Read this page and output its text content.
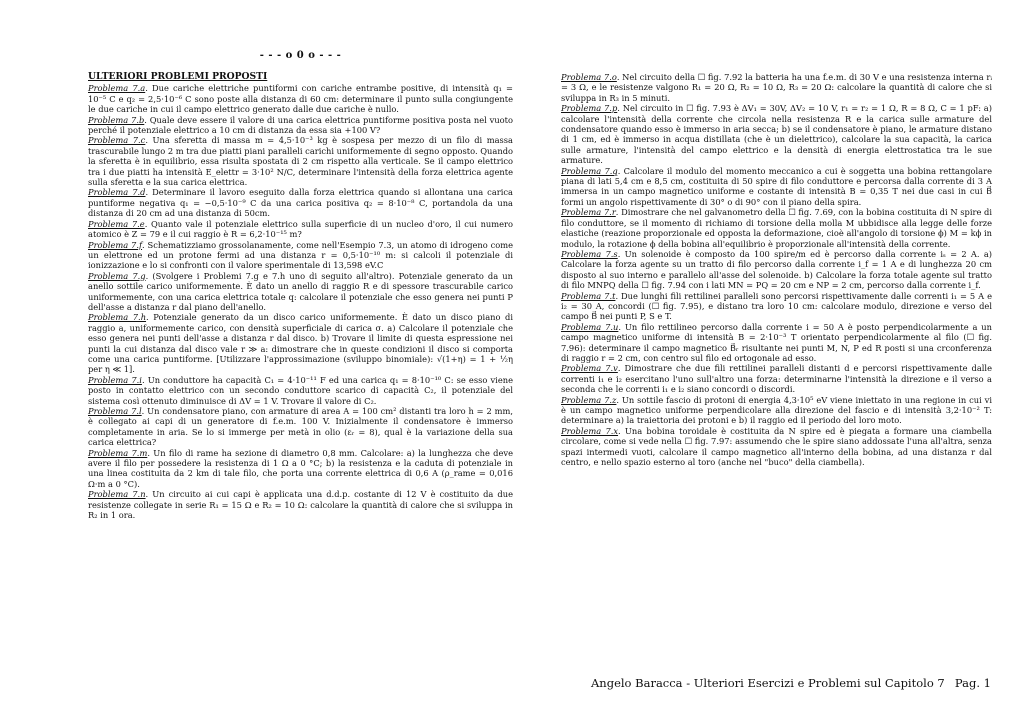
- - - o 0 o - - -
ULTERIORI PROBLEMI PROPOSTI

Problema 7.a. Due cariche elettriche puntiformi con cariche entrambe positive, di intensità q₁ = 10⁻⁵ C e q₂ = 2,5·10⁻⁶ C sono poste alla distanza di 60 cm: determinare il punto sulla congiungente le due cariche in cui il campo elettrico generato dalle due cariche è nullo.

Problema 7.b. Quale deve essere il valore di una carica elettrica puntiforme positiva posta nel vuoto perché il potenziale elettrico a 10 cm di distanza da essa sia +100 V?

Problema 7.c. Una sferetta di massa m = 4,5·10⁻³ kg è sospesa per mezzo di un filo di massa trascurabile lungo 2 m tra due piatti piani paralleli carichi uniformemente di segno opposto. Quando la sferetta è in equilibrio, essa risulta spostata di 2 cm rispetto alla verticale. Se il campo elettrico tra i due piatti ha intensità E_elettr = 3·10² N/C, determinare l'intensità della forza elettrica agente sulla sferetta e la sua carica elettrica.

Problema 7.d. Determinare il lavoro eseguito dalla forza elettrica quando si allontana una carica puntiforme negativa q₁ = −0,5·10⁻⁹ C da una carica positiva q₂ = 8·10⁻⁸ C, portandola da una distanza di 20 cm ad una distanza di 50cm.

Problema 7.e. Quanto vale il potenziale elettrico sulla superficie di un nucleo d'oro, il cui numero atomico è Z = 79 e il cui raggio è R = 6,2·10⁻¹⁵ m?

Problema 7.f. Schematizziamo grossolanamente, come nell'Esempio 7.3, un atomo di idrogeno come un elettrone ed un protone fermi ad una distanza r = 0,5·10⁻¹⁰ m: si calcoli il potenziale di ionizzazione e lo si confronti con il valore sperimentale di 13,598 eV.C

Problema 7.g. (Svolgere i Problemi 7.g e 7.h uno di seguito all'altro). Potenziale generato da un anello sottile carico uniformemente. È dato un anello di raggio R e di spessore trascurabile carico uniformemente, con una carica elettrica totale q: calcolare il potenziale che esso genera nei punti P dell'asse a distanza r dal piano dell'anello.

Problema 7.h. Potenziale generato da un disco carico uniformemente. È dato un disco piano di raggio a, uniformemente carico, con densità superficiale di carica σ. a) Calcolare il potenziale che esso genera nei punti dell'asse a distanza r dal disco. b) Trovare il limite di questa espressione nei punti la cui distanza dal disco vale r ≫ a: dimostrare che in queste condizioni il disco si comporta come una carica puntiforme. [Utilizzare l'approssimazione (sviluppo binomiale): √(1+η) = 1 + ½η per η ≪ 1].

Problema 7.i. Un conduttore ha capacità C₁ = 4·10⁻¹¹ F ed una carica q₁ = 8·10⁻¹⁰ C: se esso viene posto in contatto elettrico con un secondo conduttore scarico di capacità C₂, il potenziale del sistema così ottenuto diminuisce di ΔV = 1 V. Trovare il valore di C₂.

Problema 7.l. Un condensatore piano, con armature di area A = 100 cm² distanti tra loro h = 2 mm, è collegato ai capi di un generatore di f.e.m. 100 V. Inizialmente il condensatore è immerso completamente in aria. Se lo si immerge per metà in olio (εᵣ = 8), qual è la variazione della sua carica elettrica?

Problema 7.m. Un filo di rame ha sezione di diametro 0,8 mm. Calcolare: a) la lunghezza che deve avere il filo per possedere la resistenza di 1 Ω a 0 °C; b) la resistenza e la caduta di potenziale in una linea costituita da 2 km di tale filo, che porta una corrente elettrica di 0,6 A (ρ_rame = 0,016 Ω·m a 0 °C).

Problema 7.n. Un circuito ai cui capi è applicata una d.d.p. costante di 12 V è costituito da due resistenze collegate in serie R₁ = 15 Ω e R₂ = 10 Ω: calcolare la quantità di calore che si sviluppa in R₂ in 1 ora.

Problema 7.o. Nel circuito della ☐ fig. 7.92 la batteria ha una f.e.m. di 30 V e una resistenza interna rᵢ = 3 Ω, e le resistenze valgono R₁ = 20 Ω, R₂ = 10 Ω, R₃ = 20 Ω: calcolare la quantità di calore che si sviluppa in R₃ in 5 minuti.

Problema 7.p. Nel circuito in ☐ fig. 7.93 è ΔV₁ = 30V, ΔV₂ = 10 V, r₁ = r₂ = 1 Ω, R = 8 Ω, C = 1 pF: a) calcolare l'intensità della corrente che circola nella resistenza R e la carica sulle armature del condensatore quando esso è immerso in aria secca; b) se il condensatore è piano, le armature distano di 1 cm, ed è immerso in acqua distillata (che è un dielettrico), calcolare la sua capacità, la carica sulle armature, l'intensità del campo elettrico e la densità di energia elettrostatica tra le sue armature.

Problema 7.q. Calcolare il modulo del momento meccanico a cui è soggetta una bobina rettangolare piana di lati 5,4 cm e 8,5 cm, costituita di 50 spire di filo conduttore e percorsa dalla corrente di 3 A immersa in un campo magnetico uniforme e costante di intensità B = 0,35 T nei due casi in cui B⃗ formi un angolo rispettivamente di 30° o di 90° con il piano della spira.

Problema 7.r. Dimostrare che nel galvanometro della ☐ fig. 7.69, con la bobina costituita di N spire di filo conduttore, se il momento di richiamo di torsione della molla M ubbidisce alla legge delle forze elastiche (reazione proporzionale ed opposta la deformazione, cioè all'angolo di torsione ϕ) M = kϕ in modulo, la rotazione ϕ della bobina all'equilibrio è proporzionale all'intensità della corrente.

Problema 7.s. Un solenoide è composto da 100 spire/m ed è percorso dalla corrente iₛ = 2 A. a) Calcolare la forza agente su un tratto di filo percorso dalla corrente i_f = 1 A e di lunghezza 20 cm disposto al suo interno e parallelo all'asse del solenoide. b) Calcolare la forza totale agente sul tratto di filo MNPQ della ☐ fig. 7.94 con i lati MN = PQ = 20 cm e NP = 2 cm, percorso dalla corrente i_f.

Problema 7.t. Due lunghi fili rettilinei paralleli sono percorsi rispettivamente dalle correnti i₁ = 5 A e i₂ = 30 A, concordi (☐ fig. 7.95), e distano tra loro 10 cm: calcolare modulo, direzione e verso del campo B⃗ nei punti P, S e T.

Problema 7.u. Un filo rettilineo percorso dalla corrente i = 50 A è posto perpendicolarmente a un campo magnetico uniforme di intensità B = 2·10⁻³ T orientato perpendicolarmente al filo (☐ fig. 7.96): determinare il campo magnetico B⃗ᵣ risultante nei punti M, N, P ed R posti si una crconferenza di raggio r = 2 cm, con centro sul filo ed ortogonale ad esso.

Problema 7.v. Dimostrare che due fili rettilinei paralleli distanti d e percorsi rispettivamente dalle correnti i₁ e i₂ esercitano l'uno sull'altro una forza: determinarne l'intensità la direzione e il verso a seconda che le correnti i₁ e i₂ siano concordi o discordi.

Problema 7.z. Un sottile fascio di protoni di energia 4,3·10⁵ eV viene iniettato in una regione in cui vi è un campo magnetico uniforme perpendicolare alla direzione del fascio e di intensità 3,2·10⁻² T: determinare a) la traiettoria dei protoni e b) il raggio ed il periodo del loro moto.

Problema 7.x. Una bobina toroidale è costituita da N spire ed è piegata a formare una ciambella circolare, come si vede nella ☐ fig. 7.97: assumendo che le spire siano addossate l'una all'altra, senza spazi intermedi vuoti, calcolare il campo magnetico all'interno della bobina, ad una distanza r dal centro, e nello spazio esterno al toro (anche nel "buco" della ciambella).

Angelo Baracca - Ulteriori Esercizi e Problemi sul Capitolo 7 Pag. 1
